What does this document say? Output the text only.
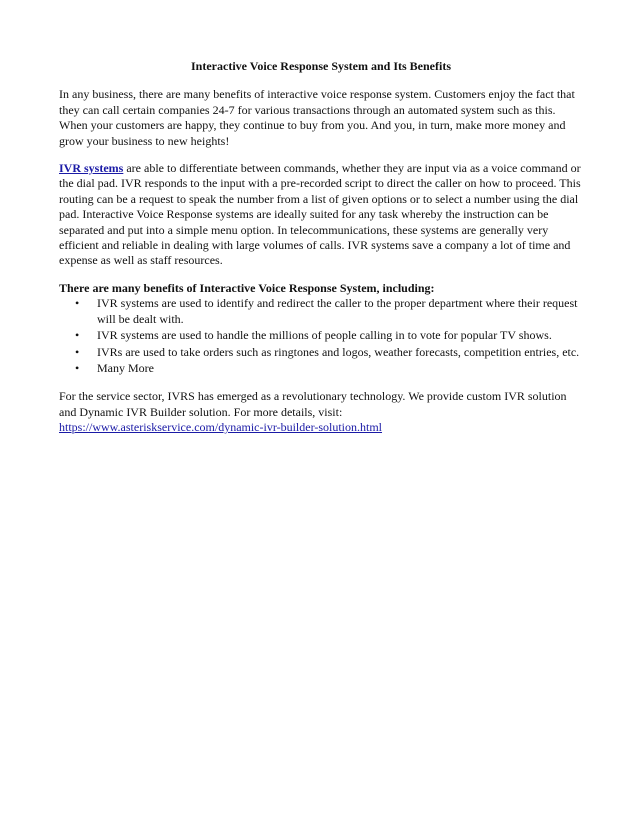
Interactive Voice Response System and Its Benefits

In any business, there are many benefits of interactive voice response system. Customers enjoy the fact that they can call certain companies 24-7 for various transactions through an automated system such as this. When your customers are happy, they continue to buy from you. And you, in turn, make more money and grow your business to new heights!

IVR systems are able to differentiate between commands, whether they are input via as a voice command or the dial pad. IVR responds to the input with a pre-recorded script to direct the caller on how to proceed. This routing can be a request to speak the number from a list of given options or to select a number using the dial pad. Interactive Voice Response systems are ideally suited for any task whereby the instruction can be separated and put into a simple menu option. In telecommunications, these systems are generally very efficient and reliable in dealing with large volumes of calls. IVR systems save a company a lot of time and expense as well as staff resources.

There are many benefits of Interactive Voice Response System, including:
• IVR systems are used to identify and redirect the caller to the proper department where their request will be dealt with.
• IVR systems are used to handle the millions of people calling in to vote for popular TV shows.
• IVRs are used to take orders such as ringtones and logos, weather forecasts, competition entries, etc.
• Many More

For the service sector, IVRS has emerged as a revolutionary technology. We provide custom IVR solution and Dynamic IVR Builder solution. For more details, visit:
https://www.asteriskservice.com/dynamic-ivr-builder-solution.html
